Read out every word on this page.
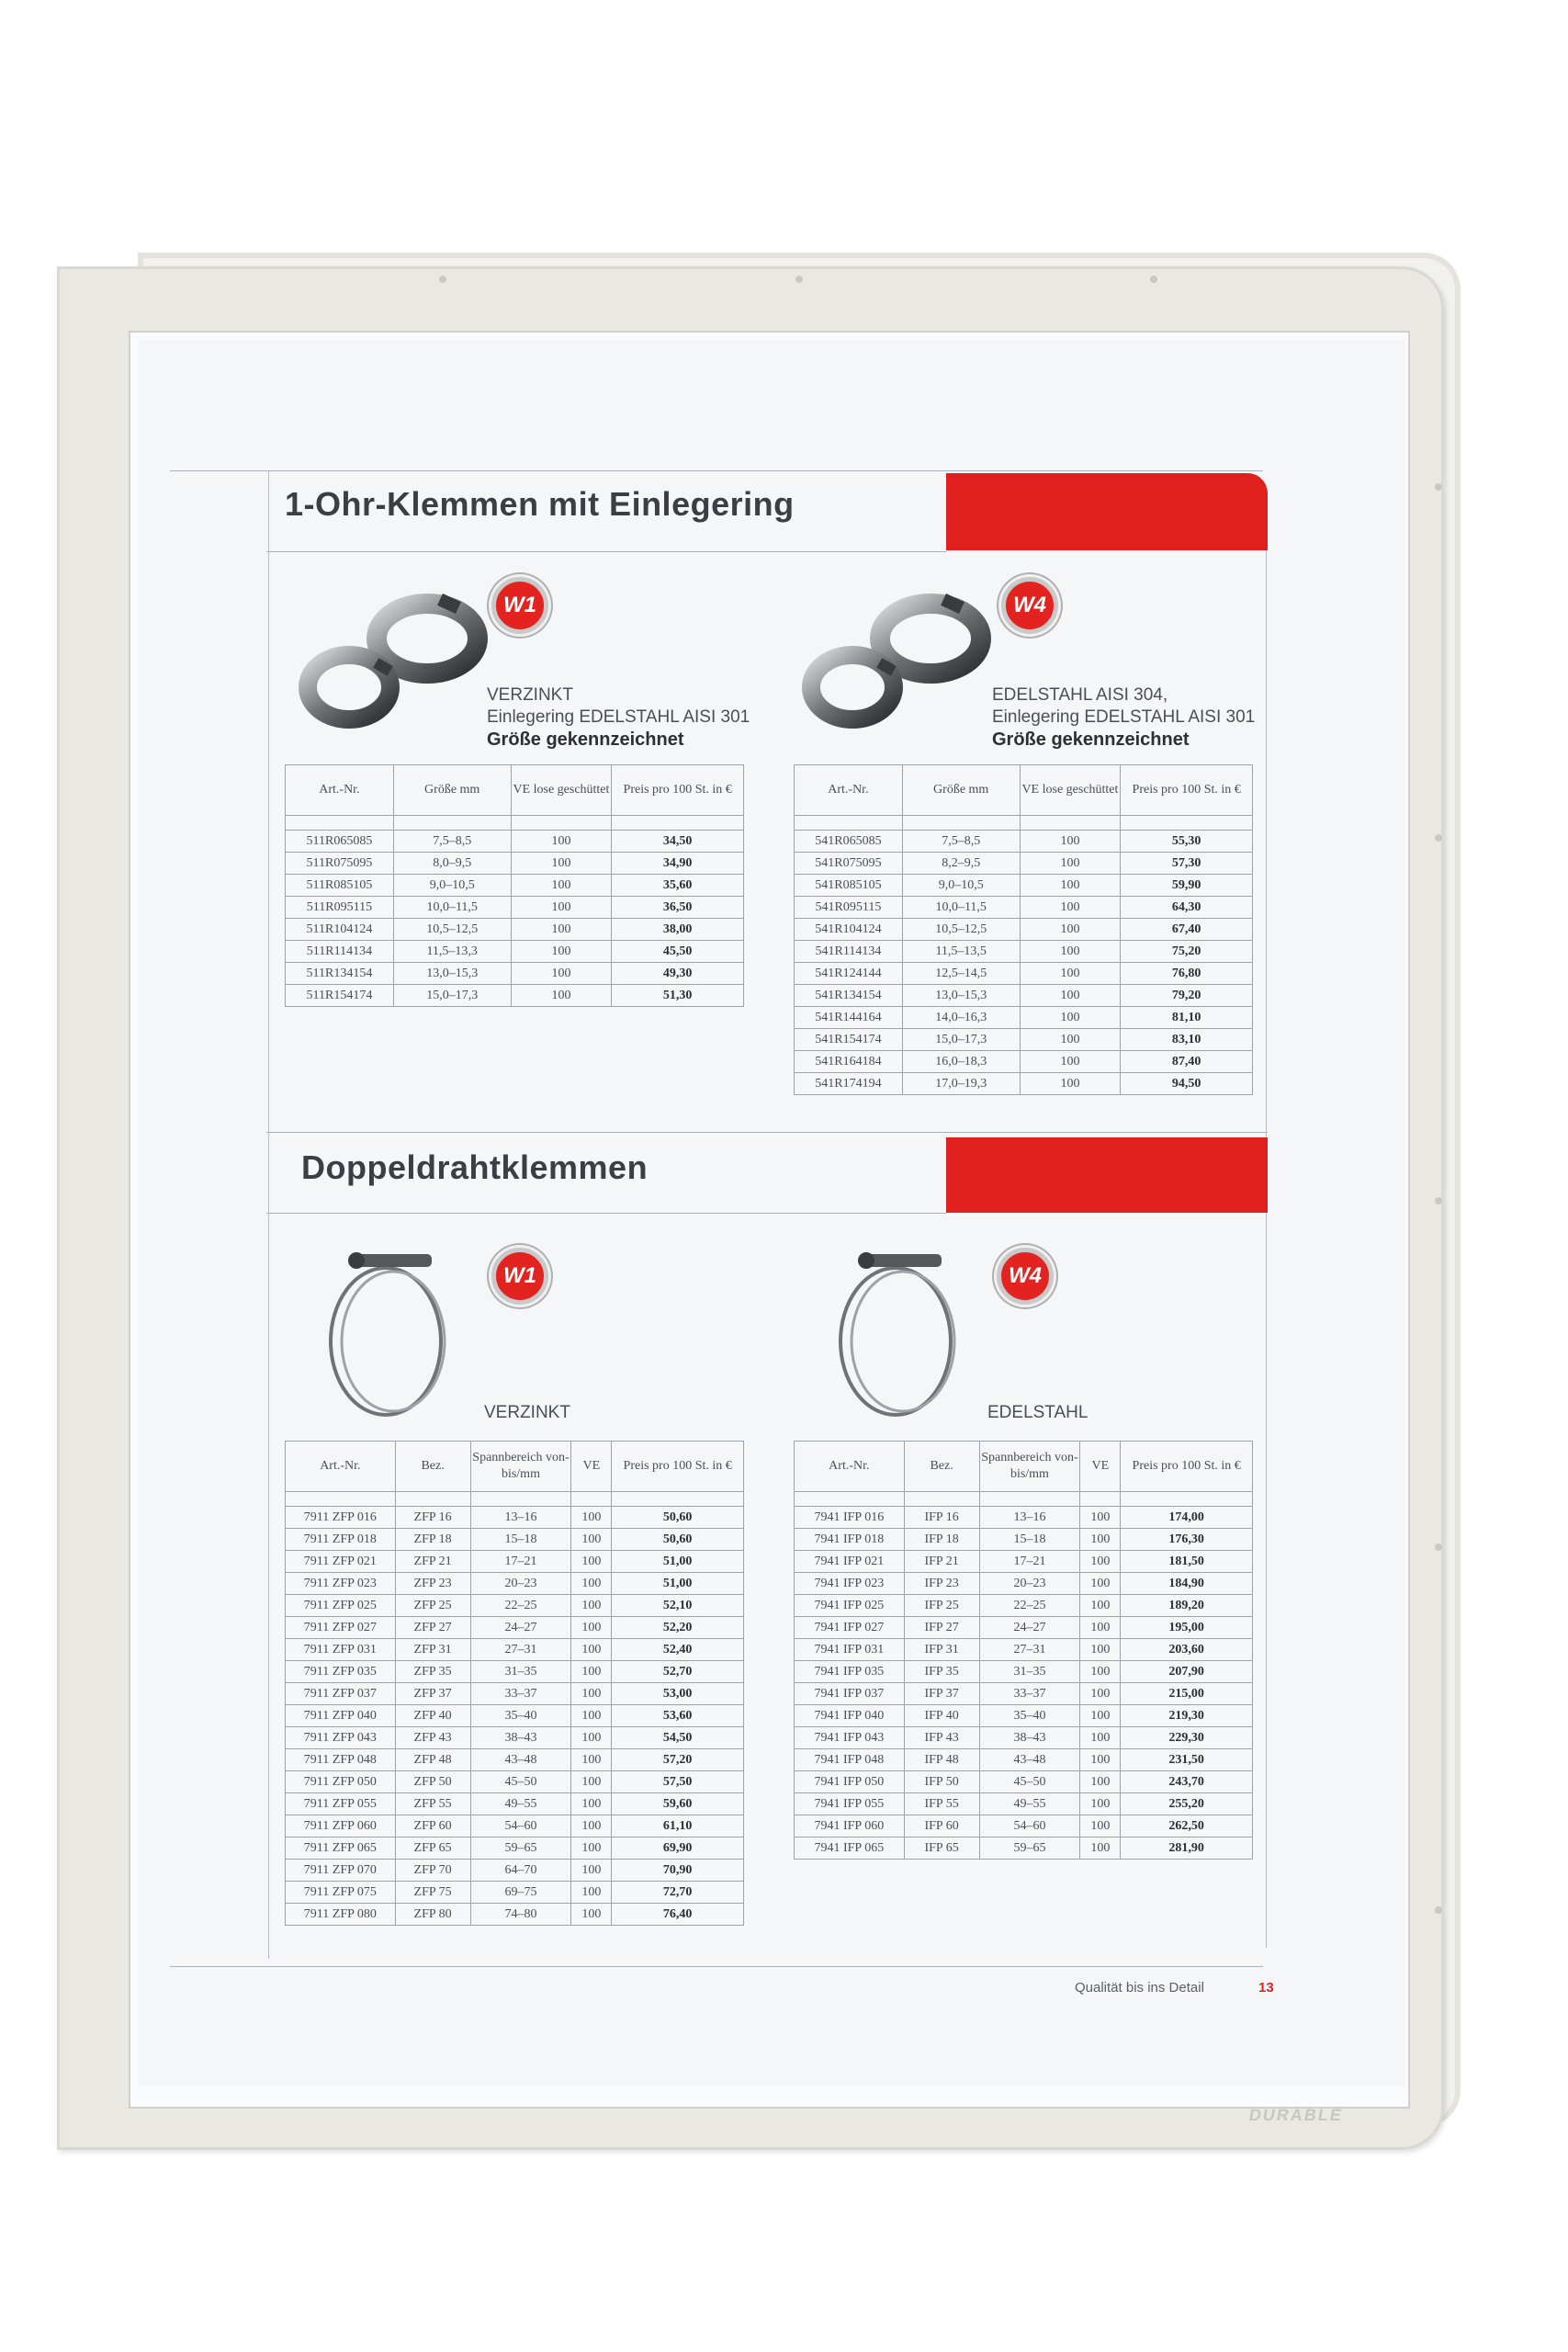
DURABLE
1-Ohr-Klemmen mit Einlegering
W1
VERZINKT
Einlegering EDELSTAHL AISI 301
Größe gekennzeichnet
W4
EDELSTAHL AISI 304,
Einlegering EDELSTAHL AISI 301
Größe gekennzeichnet
Art.-Nr.	Größe mm	VE lose geschüttet	Preis pro 100 St. in €

511R065085	7,5–8,5	100	34,50
511R075095	8,0–9,5	100	34,90
511R085105	9,0–10,5	100	35,60
511R095115	10,0–11,5	100	36,50
511R104124	10,5–12,5	100	38,00
511R114134	11,5–13,3	100	45,50
511R134154	13,0–15,3	100	49,30
511R154174	15,0–17,3	100	51,30
Art.-Nr.	Größe mm	VE lose geschüttet	Preis pro 100 St. in €

541R065085	7,5–8,5	100	55,30
541R075095	8,2–9,5	100	57,30
541R085105	9,0–10,5	100	59,90
541R095115	10,0–11,5	100	64,30
541R104124	10,5–12,5	100	67,40
541R114134	11,5–13,5	100	75,20
541R124144	12,5–14,5	100	76,80
541R134154	13,0–15,3	100	79,20
541R144164	14,0–16,3	100	81,10
541R154174	15,0–17,3	100	83,10
541R164184	16,0–18,3	100	87,40
541R174194	17,0–19,3	100	94,50
Doppeldrahtklemmen
W1
VERZINKT
W4
EDELSTAHL
Art.-Nr.	Bez.	Spannbereich von-bis/mm	VE	Preis pro 100 St. in €

7911 ZFP 016	ZFP 16	13–16	100	50,60
7911 ZFP 018	ZFP 18	15–18	100	50,60
7911 ZFP 021	ZFP 21	17–21	100	51,00
7911 ZFP 023	ZFP 23	20–23	100	51,00
7911 ZFP 025	ZFP 25	22–25	100	52,10
7911 ZFP 027	ZFP 27	24–27	100	52,20
7911 ZFP 031	ZFP 31	27–31	100	52,40
7911 ZFP 035	ZFP 35	31–35	100	52,70
7911 ZFP 037	ZFP 37	33–37	100	53,00
7911 ZFP 040	ZFP 40	35–40	100	53,60
7911 ZFP 043	ZFP 43	38–43	100	54,50
7911 ZFP 048	ZFP 48	43–48	100	57,20
7911 ZFP 050	ZFP 50	45–50	100	57,50
7911 ZFP 055	ZFP 55	49–55	100	59,60
7911 ZFP 060	ZFP 60	54–60	100	61,10
7911 ZFP 065	ZFP 65	59–65	100	69,90
7911 ZFP 070	ZFP 70	64–70	100	70,90
7911 ZFP 075	ZFP 75	69–75	100	72,70
7911 ZFP 080	ZFP 80	74–80	100	76,40
Art.-Nr.	Bez.	Spannbereich von-bis/mm	VE	Preis pro 100 St. in €

7941 IFP 016	IFP 16	13–16	100	174,00
7941 IFP 018	IFP 18	15–18	100	176,30
7941 IFP 021	IFP 21	17–21	100	181,50
7941 IFP 023	IFP 23	20–23	100	184,90
7941 IFP 025	IFP 25	22–25	100	189,20
7941 IFP 027	IFP 27	24–27	100	195,00
7941 IFP 031	IFP 31	27–31	100	203,60
7941 IFP 035	IFP 35	31–35	100	207,90
7941 IFP 037	IFP 37	33–37	100	215,00
7941 IFP 040	IFP 40	35–40	100	219,30
7941 IFP 043	IFP 43	38–43	100	229,30
7941 IFP 048	IFP 48	43–48	100	231,50
7941 IFP 050	IFP 50	45–50	100	243,70
7941 IFP 055	IFP 55	49–55	100	255,20
7941 IFP 060	IFP 60	54–60	100	262,50
7941 IFP 065	IFP 65	59–65	100	281,90
Qualität bis ins Detail	13
